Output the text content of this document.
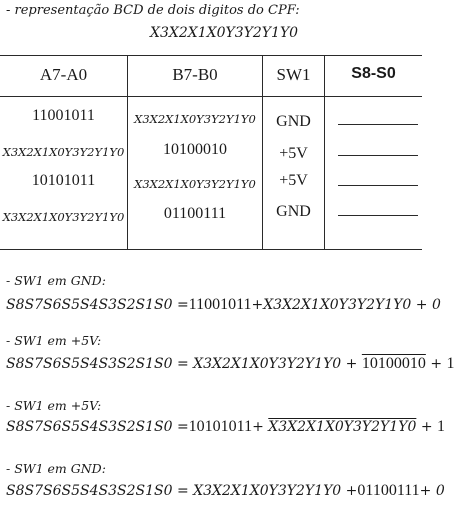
- representação BCD de dois digitos do CPF:
X3X2X1X0Y3Y2Y1Y0
A7-A0	B7-B0	SW1	S8-S0
11001011	X3X2X1X0Y3Y2Y1Y0	GND
X3X2X1X0Y3Y2Y1Y0	10100010	+5V
10101011	X3X2X1X0Y3Y2Y1Y0	+5V
X3X2X1X0Y3Y2Y1Y0	01100111	GND
- SW1 em GND:
S8S7S6S5S4S3S2S1S0 =11001011+X3X2X1X0Y3Y2Y1Y0 + 0
- SW1 em +5V:
S8S7S6S5S4S3S2S1S0 = X3X2X1X0Y3Y2Y1Y0 + 10100010 + 1
- SW1 em +5V:
S8S7S6S5S4S3S2S1S0 =10101011+ X3X2X1X0Y3Y2Y1Y0 + 1
- SW1 em GND:
S8S7S6S5S4S3S2S1S0 = X3X2X1X0Y3Y2Y1Y0 +01100111+ 0
